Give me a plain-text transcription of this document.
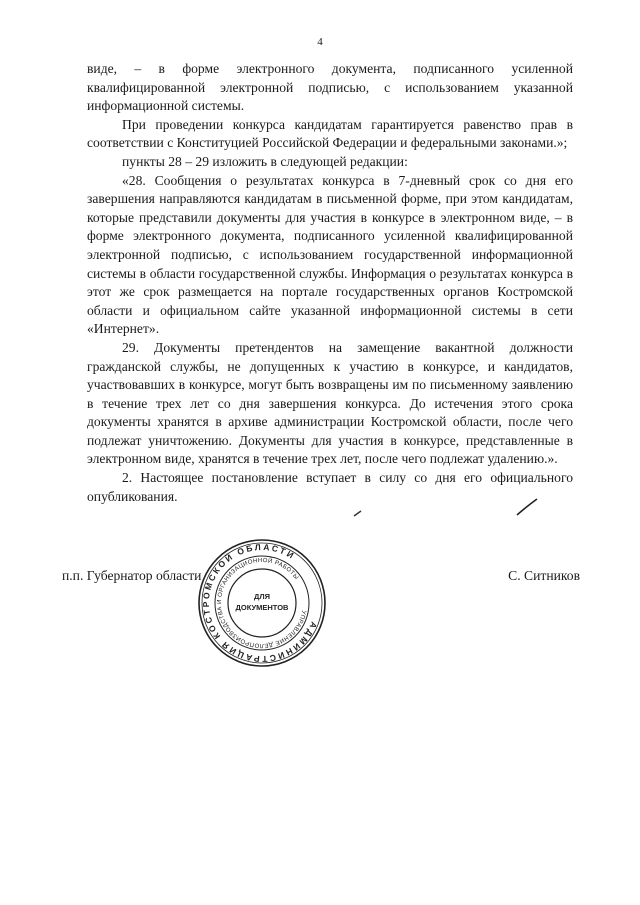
4

виде, – в форме электронного документа, подписанного усиленной квалифицированной электронной подписью, с использованием указанной информационной системы.

При проведении конкурса кандидатам гарантируется равенство прав в соответствии с Конституцией Российской Федерации и федеральными законами.»;

пункты 28 – 29 изложить в следующей редакции:

«28. Сообщения о результатах конкурса в 7-дневный срок со дня его завершения направляются кандидатам в письменной форме, при этом кандидатам, которые представили документы для участия в конкурсе в электронном виде, – в форме электронного документа, подписанного усиленной квалифицированной электронной подписью, с использованием государственной информационной системы в области государственной службы. Информация о результатах конкурса в этот же срок размещается на портале государственных органов Костромской области и официальном сайте указанной информационной системы в сети «Интернет».

29. Документы претендентов на замещение вакантной должности гражданской службы, не допущенных к участию в конкурсе, и кандидатов, участвовавших в конкурсе, могут быть возвращены им по письменному заявлению в течение трех лет со дня завершения конкурса. До истечения этого срока документы хранятся в архиве администрации Костромской области, после чего подлежат уничтожению. Документы для участия в конкурсе, представленные в электронном виде, хранятся в течение трех лет, после чего подлежат удалению.».

2. Настоящее постановление вступает в силу со дня его официального опубликования.

п.п. Губернатор области	С. Ситников
АДМИНИСТРАЦИЯ КОСТРОМСКОЙ ОБЛАСТИ
УПРАВЛЕНИЕ ДЕЛОПРОИЗВОДСТВА И ОРГАНИЗАЦИОННОЙ РАБОТЫ
ДЛЯ
ДОКУМЕНТОВ
